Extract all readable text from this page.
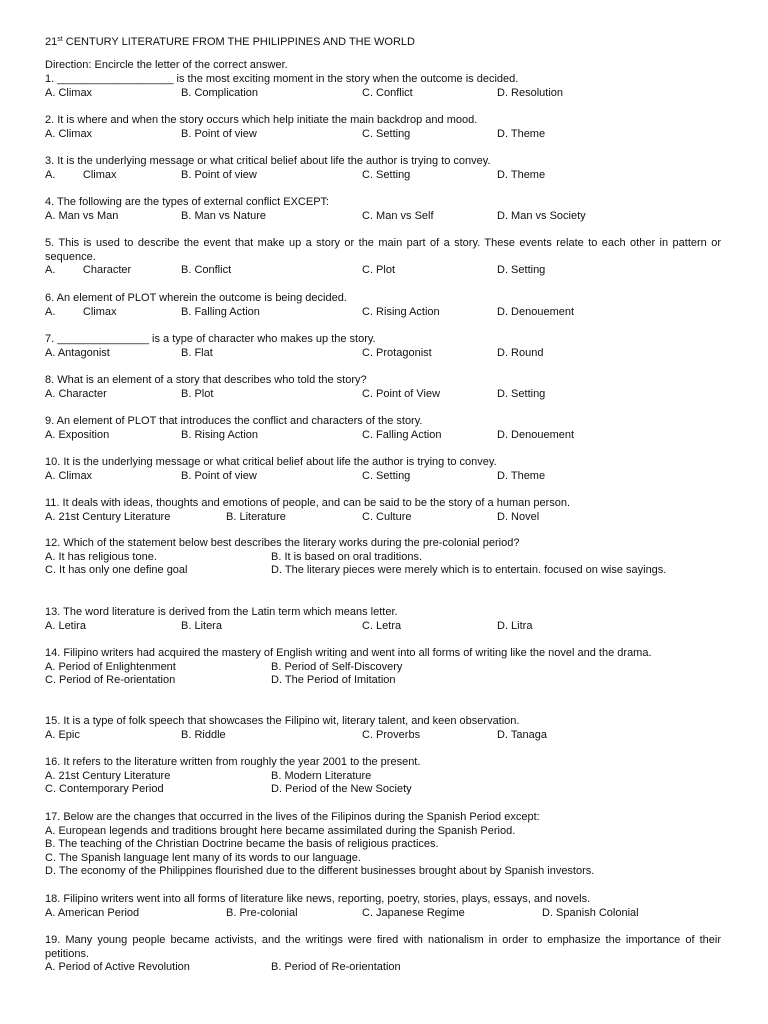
21st CENTURY LITERATURE FROM THE PHILIPPINES AND THE WORLD
Direction: Encircle the letter of the correct answer.
1. ___________________ is the most exciting moment in the story when the outcome is decided.
A. Climax	B. Complication	C. Conflict	D. Resolution
2. It is where and when the story occurs which help initiate the main backdrop and mood.
A. Climax	B. Point of view	C. Setting	D. Theme
3. It is the underlying message or what critical belief about life the author is trying to convey.
A.         Climax	B. Point of view	C. Setting	D. Theme
4. The following are the types of external conflict EXCEPT:
A. Man vs Man	B. Man vs Nature	C. Man vs Self	D. Man vs Society
5. This is used to describe the event that make up a story or the main part of a story. These events relate to each other in pattern or sequence.
A.         Character	B. Conflict	C. Plot	D. Setting
6. An element of PLOT wherein the outcome is being decided.
A.         Climax	B. Falling Action	C. Rising Action	D. Denouement
7. _______________ is a type of character who makes up the story.
A. Antagonist	B. Flat	C. Protagonist	D. Round
8. What is an element of a story that describes who told the story?
A. Character	B. Plot	C. Point of View	D. Setting
9. An element of PLOT that introduces the conflict and characters of the story.
A. Exposition	B. Rising Action	C. Falling Action	D. Denouement
10. It is the underlying message or what critical belief about life the author is trying to convey.
A. Climax	B. Point of view	C. Setting	D. Theme
11. It deals with ideas, thoughts and emotions of people, and can be said to be the story of a human person.
A. 21st Century Literature	B. Literature	C. Culture	D. Novel
12. Which of the statement below best describes the literary works during the pre-colonial period?
A. It has religious tone.	B. It is based on oral traditions.
C. It has only one define goal	D. The literary pieces were merely which is to entertain. focused on wise sayings.
13. The word literature is derived from the Latin term which means letter.
A. Letira	B. Litera	C. Letra	D. Litra
14. Filipino writers had acquired the mastery of English writing and went into all forms of writing like the novel and the drama.
A. Period of Enlightenment	B. Period of Self-Discovery
C. Period of Re-orientation	D. The Period of Imitation
15. It is a type of folk speech that showcases the Filipino wit, literary talent, and keen observation.
A. Epic	B. Riddle	C. Proverbs	D. Tanaga
16. It refers to the literature written from roughly the year 2001 to the present.
A. 21st Century Literature	B. Modern Literature
C. Contemporary Period	D. Period of the New Society
17. Below are the changes that occurred in the lives of the Filipinos during the Spanish Period except:
A. European legends and traditions brought here became assimilated during the Spanish Period.
B. The teaching of the Christian Doctrine became the basis of religious practices.
C. The Spanish language lent many of its words to our language.
D. The economy of the Philippines flourished due to the different businesses brought about by Spanish investors.
18. Filipino writers went into all forms of literature like news, reporting, poetry, stories, plays, essays, and novels.
A. American Period	B. Pre-colonial	C. Japanese Regime	D. Spanish Colonial
19. Many young people became activists, and the writings were fired with nationalism in order to emphasize the importance of their petitions.
A. Period of Active Revolution	B. Period of Re-orientation
